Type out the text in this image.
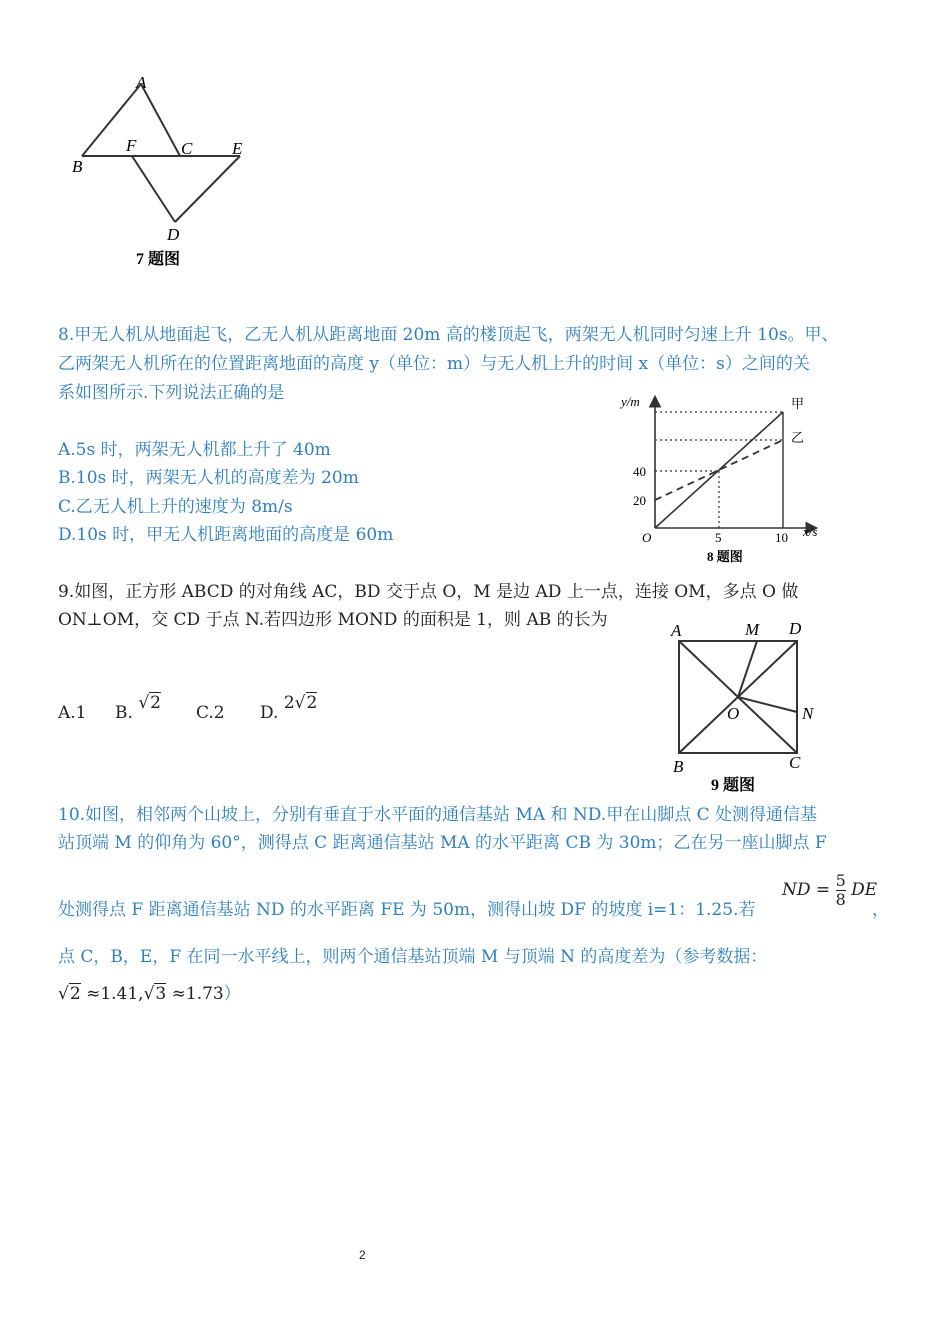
A
B
F	C E
D
7 题图
8.甲无人机从地面起飞，乙无人机从距离地面 20m 高的楼顶起飞，两架无人机同时匀速上升 10s。甲、
乙两架无人机所在的位置距离地面的高度 y（单位：m）与无人机上升的时间 x（单位：s）之间的关
系如图所示.下列说法正确的是
A.5s 时，两架无人机都上升了 40m
B.10s 时，两架无人机的高度差为 20m
C.乙无人机上升的速度为 8m/s
D.10s 时，甲无人机距离地面的高度是 60m
y/m
x/s
甲
乙
20
40
5	10
O
8 题图
9.如图，正方形 ABCD 的对角线 AC，BD 交于点 O，M 是边 AD 上一点，连接 OM，多点 O 做
ON⊥OM，交 CD 于点 N.若四边形 MOND 的面积是 1，则 AB 的长为
A.1 B. √2 C.2 D. 2√2
A	M D
O	N
B	C
9 题图
10.如图，相邻两个山坡上，分别有垂直于水平面的通信基站 MA 和 ND.甲在山脚点 C 处测得通信基
站顶端 M 的仰角为 60°，测得点 C 距离通信基站 MA 的水平距离 CB 为 30m；乙在另一座山脚点 F
处测得点 F 距离通信基站 ND 的水平距离 FE 为 50m，测得山坡 DF 的坡度 i=1：1.25.若
ND = $\frac{5}{8}$ DE
，
点 C，B，E，F 在同一水平线上，则两个通信基站顶端 M 与顶端 N 的高度差为（参考数据：
√2 ≈1.41,√3 ≈1.73）
2
